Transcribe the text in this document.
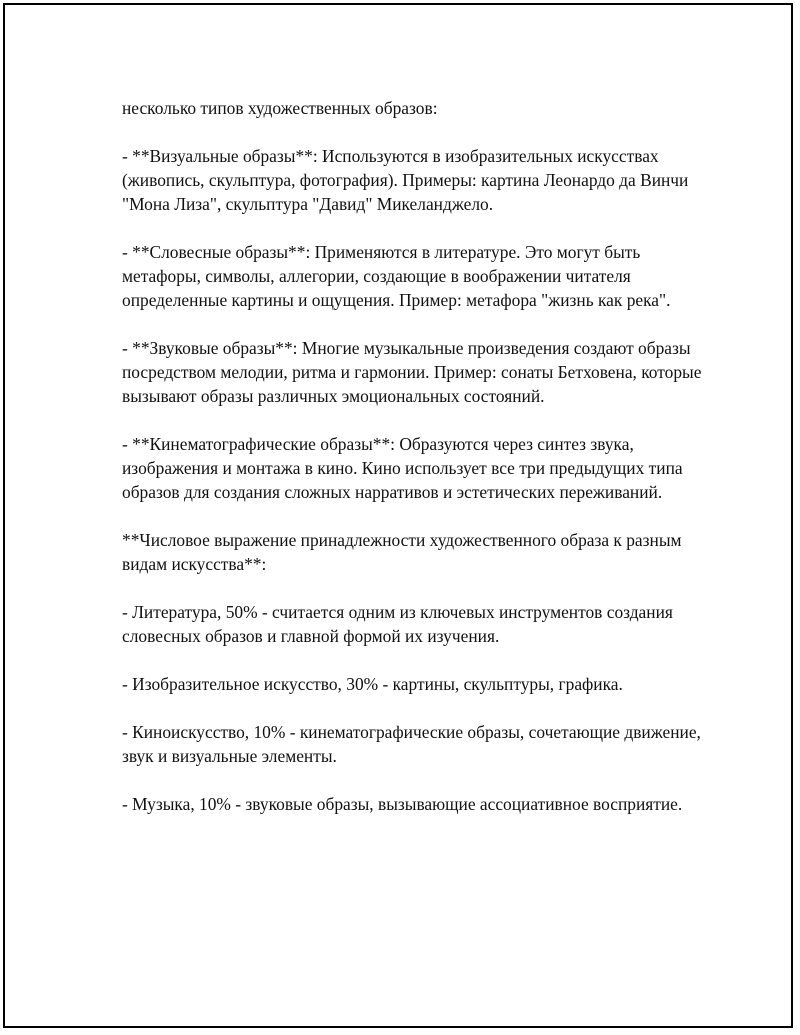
несколько типов художественных образов:

- **Визуальные образы**: Используются в изобразительных искусствах (живопись, скульптура, фотография). Примеры: картина Леонардо да Винчи "Мона Лиза", скульптура "Давид" Микеланджело.

- **Словесные образы**: Применяются в литературе. Это могут быть метафоры, символы, аллегории, создающие в воображении читателя определенные картины и ощущения. Пример: метафора "жизнь как река".

- **Звуковые образы**: Многие музыкальные произведения создают образы посредством мелодии, ритма и гармонии. Пример: сонаты Бетховена, которые вызывают образы различных эмоциональных состояний.

- **Кинематографические образы**: Образуются через синтез звука, изображения и монтажа в кино. Кино использует все три предыдущих типа образов для создания сложных нарративов и эстетических переживаний.

**Числовое выражение принадлежности художественного образа к разным видам искусства**:

- Литература, 50% - считается одним из ключевых инструментов создания словесных образов и главной формой их изучения.

- Изобразительное искусство, 30% - картины, скульптуры, графика.

- Киноискусство, 10% - кинематографические образы, сочетающие движение, звук и визуальные элементы.

- Музыка, 10% - звуковые образы, вызывающие ассоциативное восприятие.
